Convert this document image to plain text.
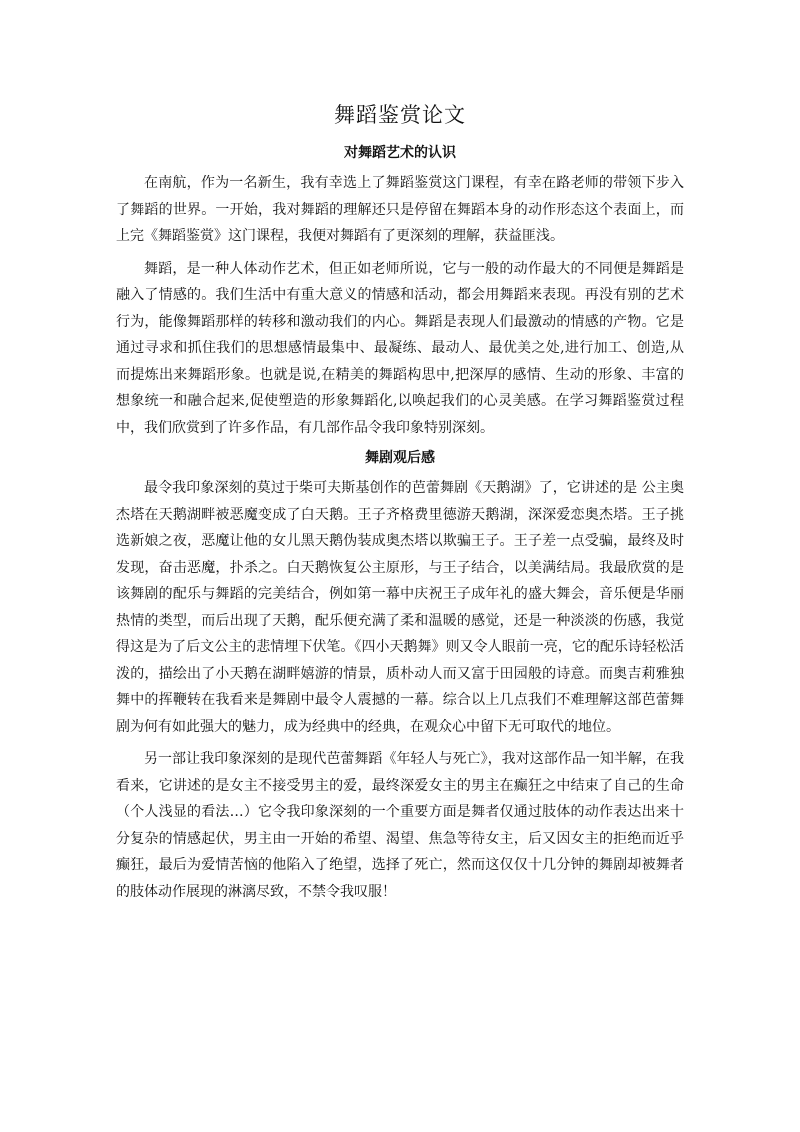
舞蹈鉴赏论文
对舞蹈艺术的认识

在南航，作为一名新生，我有幸选上了舞蹈鉴赏这门课程，有幸在路老师的带领下步入了舞蹈的世界。一开始，我对舞蹈的理解还只是停留在舞蹈本身的动作形态这个表面上，而上完《舞蹈鉴赏》这门课程，我便对舞蹈有了更深刻的理解，获益匪浅。

舞蹈，是一种人体动作艺术，但正如老师所说，它与一般的动作最大的不同便是舞蹈是融入了情感的。我们生活中有重大意义的情感和活动，都会用舞蹈来表现。再没有别的艺术行为，能像舞蹈那样的转移和激动我们的内心。舞蹈是表现人们最激动的情感的产物。它是通过寻求和抓住我们的思想感情最集中、最凝练、最动人、最优美之处,进行加工、创造,从而提炼出来舞蹈形象。也就是说,在精美的舞蹈构思中,把深厚的感情、生动的形象、丰富的想象统一和融合起来,促使塑造的形象舞蹈化,以唤起我们的心灵美感。在学习舞蹈鉴赏过程中，我们欣赏到了许多作品，有几部作品令我印象特别深刻。

舞剧观后感

最令我印象深刻的莫过于柴可夫斯基创作的芭蕾舞剧《天鹅湖》了，它讲述的是 公主奥杰塔在天鹅湖畔被恶魔变成了白天鹅。王子齐格费里德游天鹅湖，深深爱恋奥杰塔。王子挑选新娘之夜，恶魔让他的女儿黑天鹅伪装成奥杰塔以欺骗王子。王子差一点受骗，最终及时发现，奋击恶魔，扑杀之。白天鹅恢复公主原形，与王子结合，以美满结局。我最欣赏的是该舞剧的配乐与舞蹈的完美结合，例如第一幕中庆祝王子成年礼的盛大舞会，音乐便是华丽热情的类型，而后出现了天鹅，配乐便充满了柔和温暖的感觉，还是一种淡淡的伤感，我觉得这是为了后文公主的悲情埋下伏笔。《四小天鹅舞》则又令人眼前一亮，它的配乐诗轻松活泼的，描绘出了小天鹅在湖畔嬉游的情景，质朴动人而又富于田园般的诗意。而奥吉莉雅独舞中的挥鞭转在我看来是舞剧中最令人震撼的一幕。综合以上几点我们不难理解这部芭蕾舞剧为何有如此强大的魅力，成为经典中的经典，在观众心中留下无可取代的地位。

另一部让我印象深刻的是现代芭蕾舞蹈《年轻人与死亡》，我对这部作品一知半解，在我看来，它讲述的是女主不接受男主的爱，最终深爱女主的男主在癫狂之中结束了自己的生命（个人浅显的看法…）它令我印象深刻的一个重要方面是舞者仅通过肢体的动作表达出来十分复杂的情感起伏，男主由一开始的希望、渴望、焦急等待女主，后又因女主的拒绝而近乎癫狂，最后为爱情苦恼的他陷入了绝望，选择了死亡，然而这仅仅十几分钟的舞剧却被舞者的肢体动作展现的淋漓尽致，不禁令我叹服！
